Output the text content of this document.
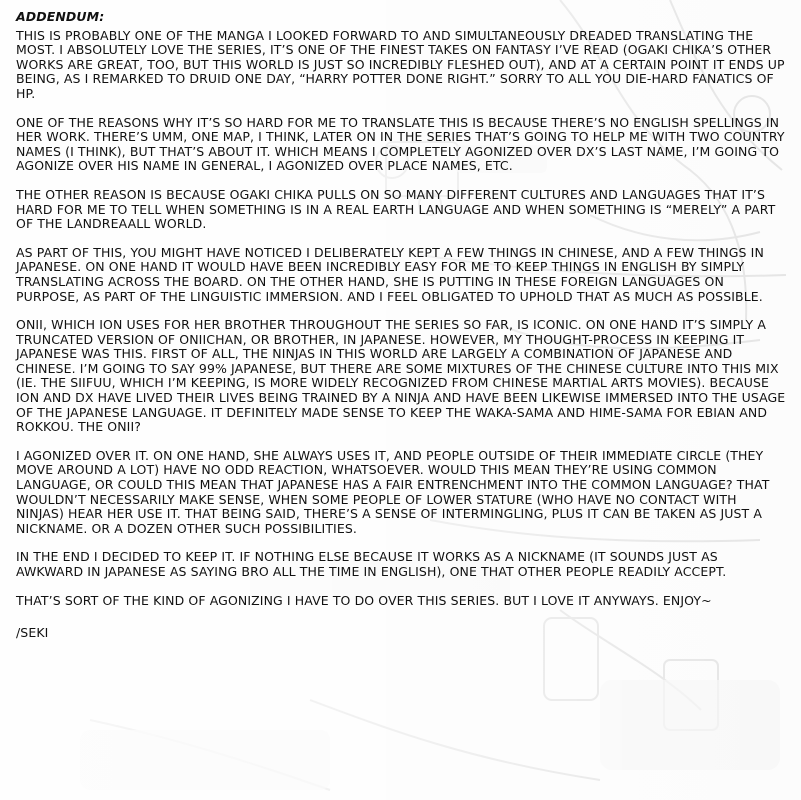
ADDENDUM:
THIS IS PROBABLY ONE OF THE MANGA I LOOKED FORWARD TO AND SIMULTANEOUSLY DREADED TRANSLATING THE MOST. I ABSOLUTELY LOVE THE SERIES, IT’S ONE OF THE FINEST TAKES ON FANTASY I’VE READ (OGAKI CHIKA’S OTHER WORKS ARE GREAT, TOO, BUT THIS WORLD IS JUST SO INCREDIBLY FLESHED OUT), AND AT A CERTAIN POINT IT ENDS UP BEING, AS I REMARKED TO DRUID ONE DAY, “HARRY POTTER DONE RIGHT.” SORRY TO ALL YOU DIE-HARD FANATICS OF HP.
ONE OF THE REASONS WHY IT’S SO HARD FOR ME TO TRANSLATE THIS IS BECAUSE THERE’S NO ENGLISH SPELLINGS IN HER WORK. THERE’S UMM, ONE MAP, I THINK, LATER ON IN THE SERIES THAT’S GOING TO HELP ME WITH TWO COUNTRY NAMES (I THINK), BUT THAT’S ABOUT IT. WHICH MEANS I COMPLETELY AGONIZED OVER DX’S LAST NAME, I’M GOING TO AGONIZE OVER HIS NAME IN GENERAL, I AGONIZED OVER PLACE NAMES, ETC.
THE OTHER REASON IS BECAUSE OGAKI CHIKA PULLS ON SO MANY DIFFERENT CULTURES AND LANGUAGES THAT IT’S HARD FOR ME TO TELL WHEN SOMETHING IS IN A REAL EARTH LANGUAGE AND WHEN SOMETHING IS “MERELY” A PART OF THE LANDREAALL WORLD.
AS PART OF THIS, YOU MIGHT HAVE NOTICED I DELIBERATELY KEPT A FEW THINGS IN CHINESE, AND A FEW THINGS IN JAPANESE. ON ONE HAND IT WOULD HAVE BEEN INCREDIBLY EASY FOR ME TO KEEP THINGS IN ENGLISH BY SIMPLY TRANSLATING ACROSS THE BOARD. ON THE OTHER HAND, SHE IS PUTTING IN THESE FOREIGN LANGUAGES ON PURPOSE, AS PART OF THE LINGUISTIC IMMERSION. AND I FEEL OBLIGATED TO UPHOLD THAT AS MUCH AS POSSIBLE.
ONII, WHICH ION USES FOR HER BROTHER THROUGHOUT THE SERIES SO FAR, IS ICONIC. ON ONE HAND IT’S SIMPLY A TRUNCATED VERSION OF ONIICHAN, OR BROTHER, IN JAPANESE. HOWEVER, MY THOUGHT-PROCESS IN KEEPING IT JAPANESE WAS THIS. FIRST OF ALL, THE NINJAS IN THIS WORLD ARE LARGELY A COMBINATION OF JAPANESE AND CHINESE. I’M GOING TO SAY 99% JAPANESE, BUT THERE ARE SOME MIXTURES OF THE CHINESE CULTURE INTO THIS MIX (IE. THE SIIFUU, WHICH I’M KEEPING, IS MORE WIDELY RECOGNIZED FROM CHINESE MARTIAL ARTS MOVIES). BECAUSE ION AND DX HAVE LIVED THEIR LIVES BEING TRAINED BY A NINJA AND HAVE BEEN LIKEWISE IMMERSED INTO THE USAGE OF THE JAPANESE LANGUAGE. IT DEFINITELY MADE SENSE TO KEEP THE WAKA-SAMA AND HIME-SAMA FOR EBIAN AND ROKKOU. THE ONII?
I AGONIZED OVER IT. ON ONE HAND, SHE ALWAYS USES IT, AND PEOPLE OUTSIDE OF THEIR IMMEDIATE CIRCLE (THEY MOVE AROUND A LOT) HAVE NO ODD REACTION, WHATSOEVER. WOULD THIS MEAN THEY’RE USING COMMON LANGUAGE, OR COULD THIS MEAN THAT JAPANESE HAS A FAIR ENTRENCHMENT INTO THE COMMON LANGUAGE? THAT WOULDN’T NECESSARILY MAKE SENSE, WHEN SOME PEOPLE OF LOWER STATURE (WHO HAVE NO CONTACT WITH NINJAS) HEAR HER USE IT. THAT BEING SAID, THERE’S A SENSE OF INTERMINGLING, PLUS IT CAN BE TAKEN AS JUST A NICKNAME. OR A DOZEN OTHER SUCH POSSIBILITIES.
IN THE END I DECIDED TO KEEP IT. IF NOTHING ELSE BECAUSE IT WORKS AS A NICKNAME (IT SOUNDS JUST AS AWKWARD IN JAPANESE AS SAYING BRO ALL THE TIME IN ENGLISH), ONE THAT OTHER PEOPLE READILY ACCEPT.
THAT’S SORT OF THE KIND OF AGONIZING I HAVE TO DO OVER THIS SERIES. BUT I LOVE IT ANYWAYS. ENJOY~
/SEKI
